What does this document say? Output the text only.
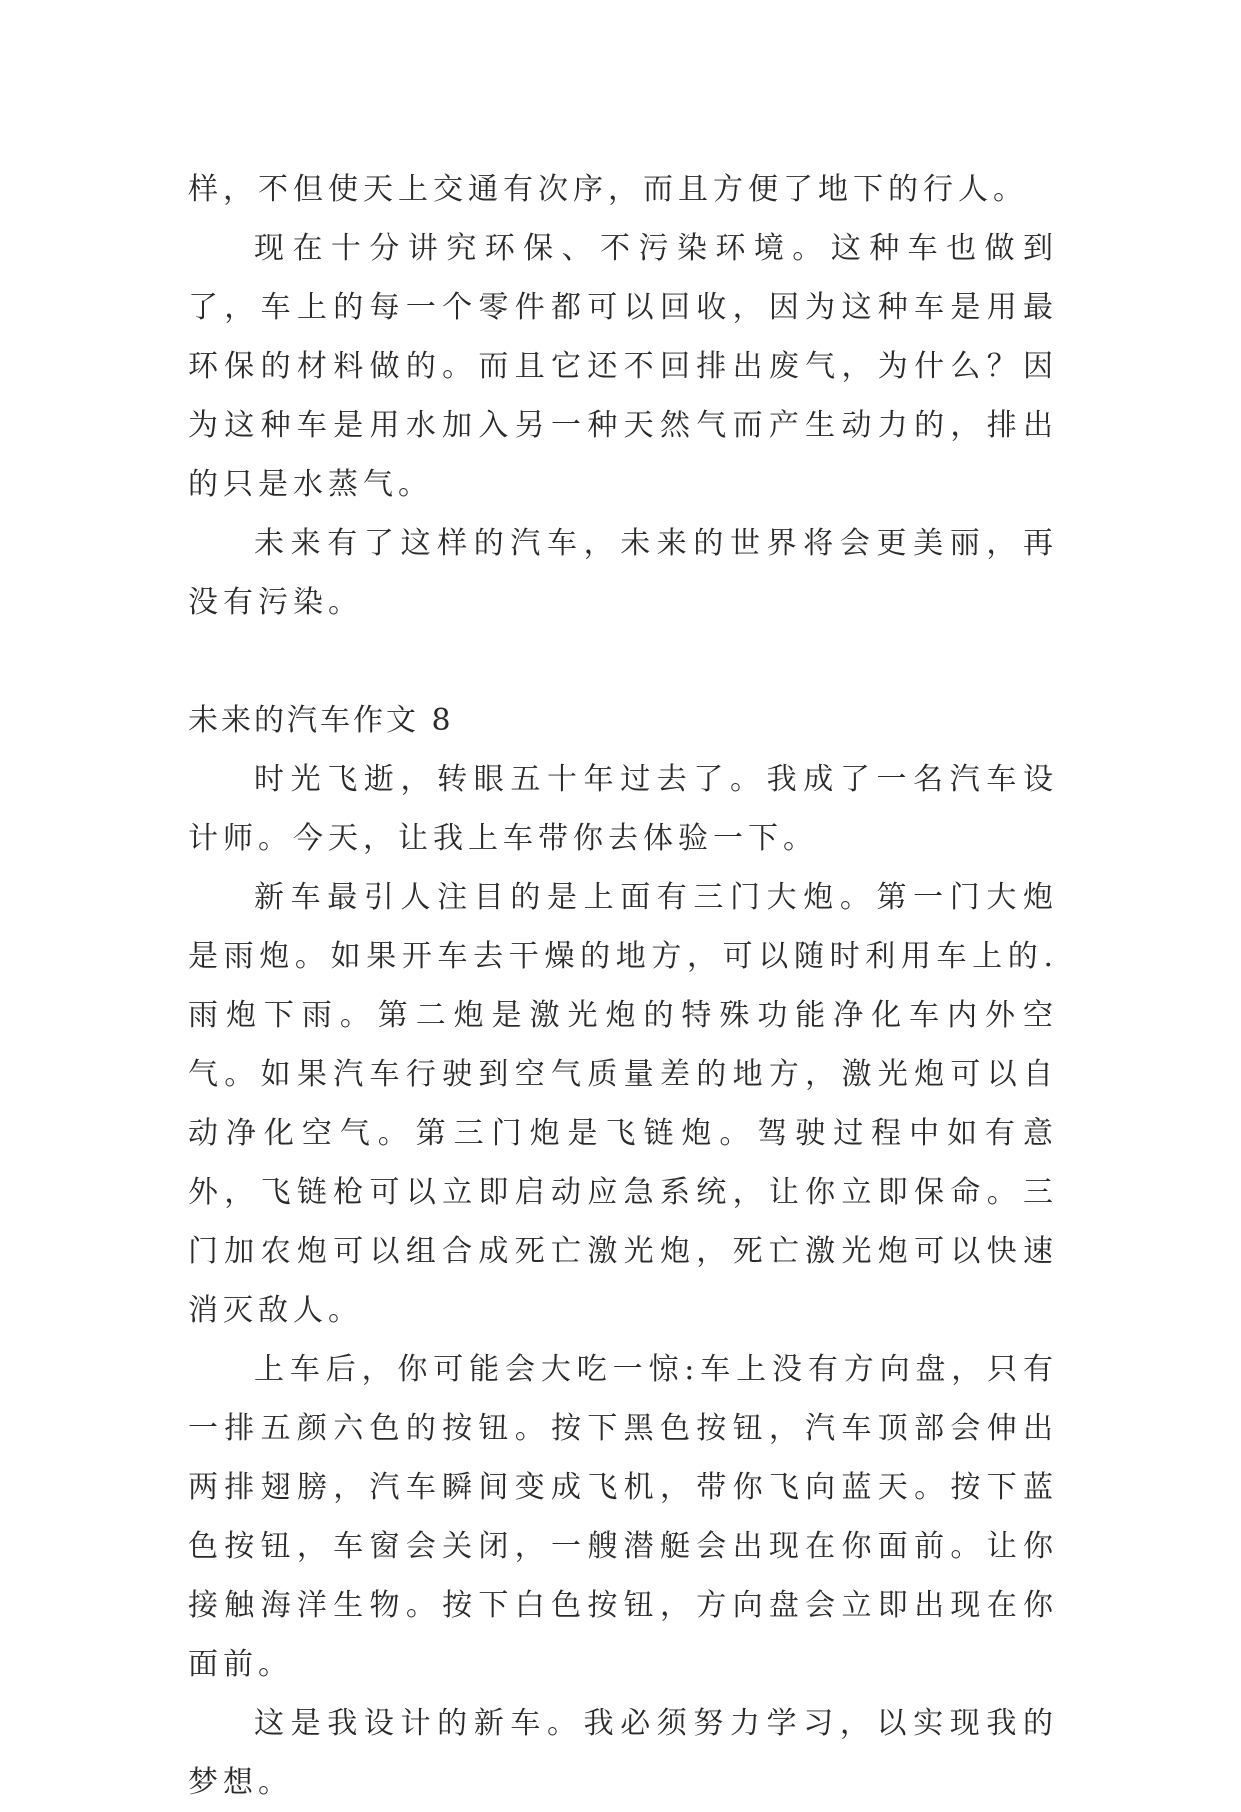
样，不但使天上交通有次序，而且方便了地下的行人。

现在十分讲究环保、不污染环境。这种车也做到了，车上的每一个零件都可以回收，因为这种车是用最环保的材料做的。而且它还不回排出废气，为什么？因为这种车是用水加入另一种天然气而产生动力的，排出的只是水蒸气。

未来有了这样的汽车，未来的世界将会更美丽，再没有污染。

未来的汽车作文 8

时光飞逝，转眼五十年过去了。我成了一名汽车设计师。今天，让我上车带你去体验一下。

新车最引人注目的是上面有三门大炮。第一门大炮是雨炮。如果开车去干燥的地方，可以随时利用车上的.雨炮下雨。第二炮是激光炮的特殊功能净化车内外空气。如果汽车行驶到空气质量差的地方，激光炮可以自动净化空气。第三门炮是飞链炮。驾驶过程中如有意外，飞链枪可以立即启动应急系统，让你立即保命。三门加农炮可以组合成死亡激光炮，死亡激光炮可以快速消灭敌人。

上车后，你可能会大吃一惊:车上没有方向盘，只有一排五颜六色的按钮。按下黑色按钮，汽车顶部会伸出两排翅膀，汽车瞬间变成飞机，带你飞向蓝天。按下蓝色按钮，车窗会关闭，一艘潜艇会出现在你面前。让你接触海洋生物。按下白色按钮，方向盘会立即出现在你面前。

这是我设计的新车。我必须努力学习，以实现我的梦想。
